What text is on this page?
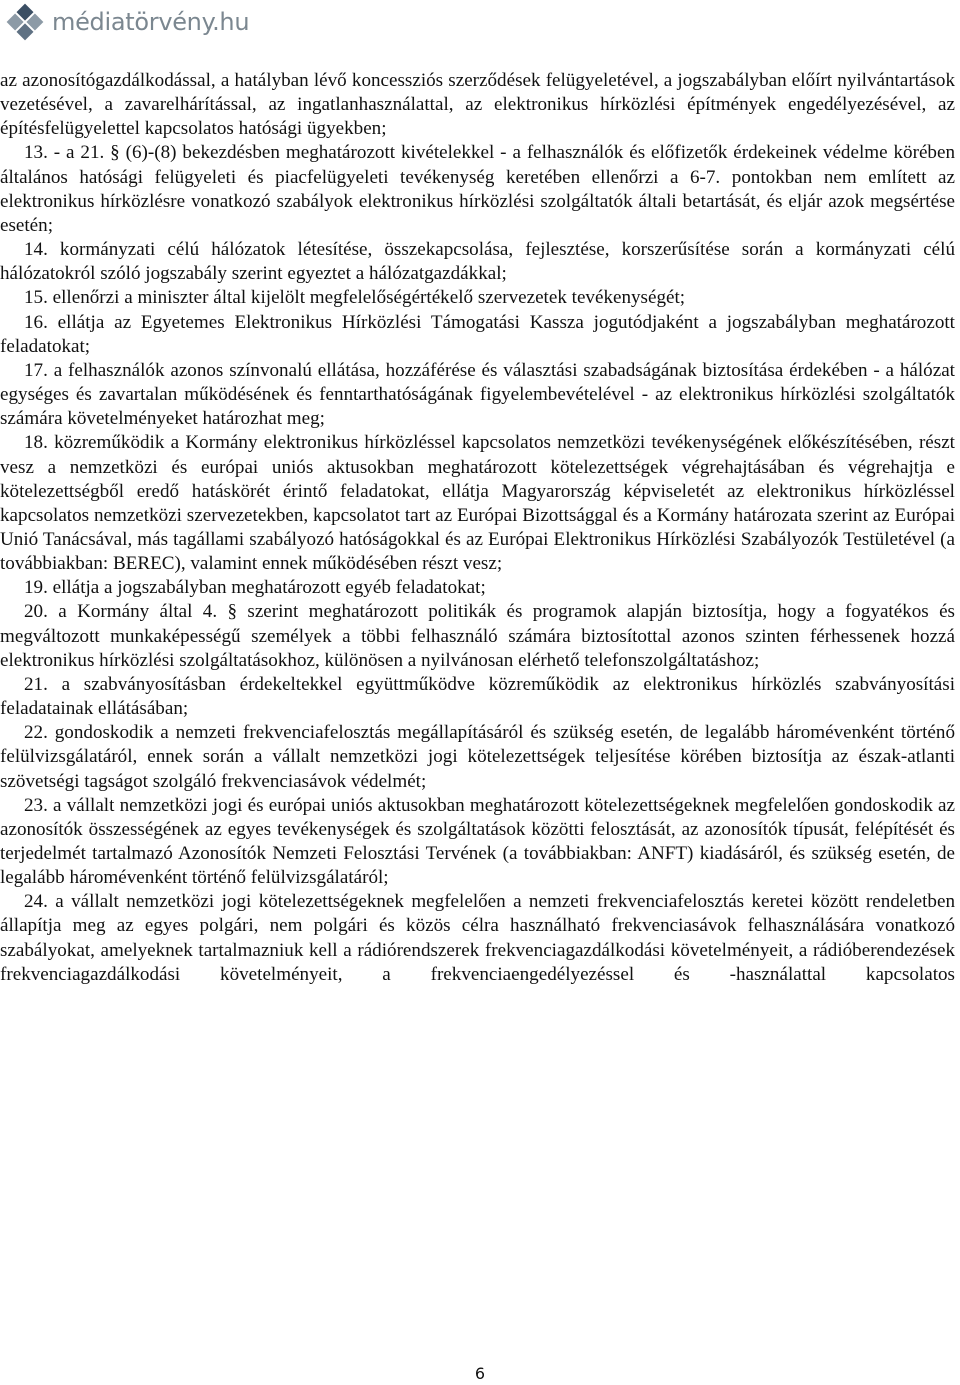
médiatörvény.hu

az azonosítógazdálkodással, a hatályban lévő koncessziós szerződések felügyeletével, a jogszabályban előírt nyilvántartások vezetésével, a zavarelhárítással, az ingatlanhasználattal, az elektronikus hírközlési építmények engedélyezésével, az építésfelügyelettel kapcsolatos hatósági ügyekben;

13. - a 21. § (6)-(8) bekezdésben meghatározott kivételekkel - a felhasználók és előfizetők érdekeinek védelme körében általános hatósági felügyeleti és piacfelügyeleti tevékenység keretében ellenőrzi a 6-7. pontokban nem említett az elektronikus hírközlésre vonatkozó szabályok elektronikus hírközlési szolgáltatók általi betartását, és eljár azok megsértése esetén;

14. kormányzati célú hálózatok létesítése, összekapcsolása, fejlesztése, korszerűsítése során a kormányzati célú hálózatokról szóló jogszabály szerint egyeztet a hálózatgazdákkal;

15. ellenőrzi a miniszter által kijelölt megfelelőségértékelő szervezetek tevékenységét;

16. ellátja az Egyetemes Elektronikus Hírközlési Támogatási Kassza jogutódjaként a jogszabályban meghatározott feladatokat;

17. a felhasználók azonos színvonalú ellátása, hozzáférése és választási szabadságának biztosítása érdekében - a hálózat egységes és zavartalan működésének és fenntarthatóságának figyelembevételével - az elektronikus hírközlési szolgáltatók számára követelményeket határozhat meg;

18. közreműködik a Kormány elektronikus hírközléssel kapcsolatos nemzetközi tevékenységének előkészítésében, részt vesz a nemzetközi és európai uniós aktusokban meghatározott kötelezettségek végrehajtásában és végrehajtja e kötelezettségből eredő hatáskörét érintő feladatokat, ellátja Magyarország képviseletét az elektronikus hírközléssel kapcsolatos nemzetközi szervezetekben, kapcsolatot tart az Európai Bizottsággal és a Kormány határozata szerint az Európai Unió Tanácsával, más tagállami szabályozó hatóságokkal és az Európai Elektronikus Hírközlési Szabályozók Testületével (a továbbiakban: BEREC), valamint ennek működésében részt vesz;

19. ellátja a jogszabályban meghatározott egyéb feladatokat;

20. a Kormány által 4. § szerint meghatározott politikák és programok alapján biztosítja, hogy a fogyatékos és megváltozott munkaképességű személyek a többi felhasználó számára biztosítottal azonos szinten férhessenek hozzá elektronikus hírközlési szolgáltatásokhoz, különösen a nyilvánosan elérhető telefonszolgáltatáshoz;

21. a szabványosításban érdekeltekkel együttműködve közreműködik az elektronikus hírközlés szabványosítási feladatainak ellátásában;

22. gondoskodik a nemzeti frekvenciafelosztás megállapításáról és szükség esetén, de legalább háromévenként történő felülvizsgálatáról, ennek során a vállalt nemzetközi jogi kötelezettségek teljesítése körében biztosítja az észak-atlanti szövetségi tagságot szolgáló frekvenciasávok védelmét;

23. a vállalt nemzetközi jogi és európai uniós aktusokban meghatározott kötelezettségeknek megfelelően gondoskodik az azonosítók összességének az egyes tevékenységek és szolgáltatások közötti felosztását, az azonosítók típusát, felépítését és terjedelmét tartalmazó Azonosítók Nemzeti Felosztási Tervének (a továbbiakban: ANFT) kiadásáról, és szükség esetén, de legalább háromévenként történő felülvizsgálatáról;

24. a vállalt nemzetközi jogi kötelezettségeknek megfelelően a nemzeti frekvenciafelosztás keretei között rendeletben állapítja meg az egyes polgári, nem polgári és közös célra használható frekvenciasávok felhasználására vonatkozó szabályokat, amelyeknek tartalmazniuk kell a rádiórendszerek frekvenciagazdálkodási követelményeit, a rádióberendezések frekvenciagazdálkodási követelményeit, a frekvenciaengedélyezéssel és -használattal kapcsolatos

6
